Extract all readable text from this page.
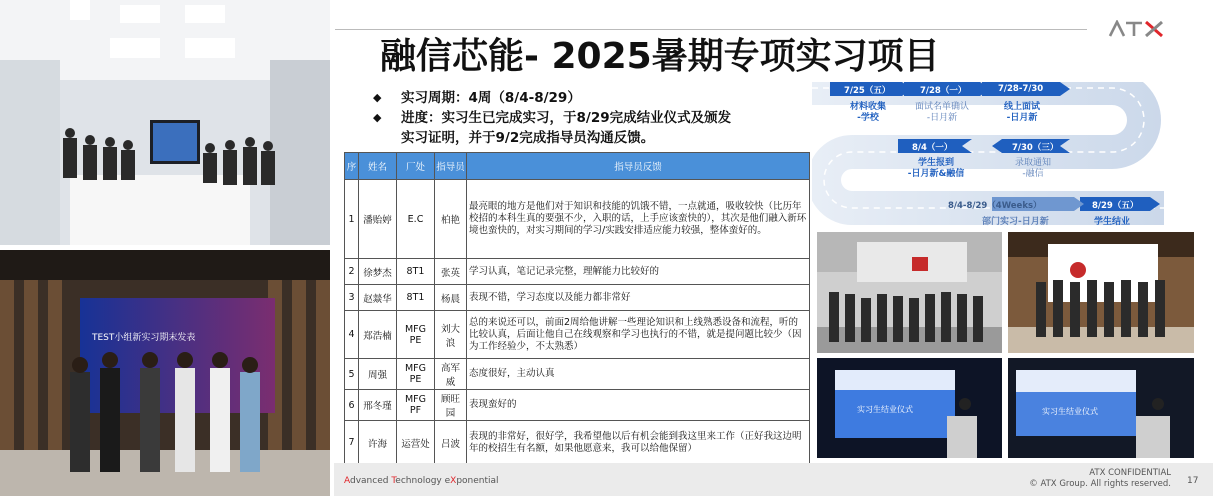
TEST小组新实习期末发表
融信芯能- 2025暑期专项实习项目
◆	实习周期：4周（8/4-8/29）
◆	进度：实习生已完成实习，于8/29完成结业仪式及颁发
实习证明，并于9/2完成指导员沟通反馈。
序	姓名	厂处	指导员	指导员反馈
1	潘贻婷	E.C	柏艳	最亮眼的地方是他们对于知识和技能的饥饿不错，一点就通，吸收较快（比历年校招的本科生真的要强不少，入职的话，上手应该蛮快的），其次是他们融入新环境也蛮快的，对实习期间的学习/实践安排适应能力较强，整体蛮好的。
2	徐梦杰	8T1	张英	学习认真，笔记记录完整，理解能力比较好的
3	赵燚华	8T1	杨晨	表现不错，学习态度以及能力都非常好
4	郑浩楠	MFG PE	刘大浪	总的来说还可以，前面2周给他讲解一些理论知识和上线熟悉设备和流程，听的比较认真，后面让他自己在线观察和学习也执行的不错，就是提问题比较少（因为工作经验少，不太熟悉）
5	周强	MFG PE	高军威	态度很好，主动认真
6	邢冬瑾	MFG PF	顾旺园	表现蛮好的
7	许海	运营处	吕波	表现的非常好，很好学，我希望他以后有机会能到我这里来工作（正好我这边明年的校招生有名额，如果他愿意来，我可以给他保留）
7/25（五）	7/28（一）	7/28-7/30
7/30（三）
8/4（一）
8/4-8/29（4Weeks）	8/29（五）
材料收集
-学校
面试名单确认
-日月新
线上面试
-日月新
录取通知
-融信
学生报到
-日月新&融信
部门实习-日月新	学生结业
实习生结业仪式	实习生结业仪式
Advanced Technology eXponential
ATX CONFIDENTIAL
© ATX Group. All rights reserved. 17
